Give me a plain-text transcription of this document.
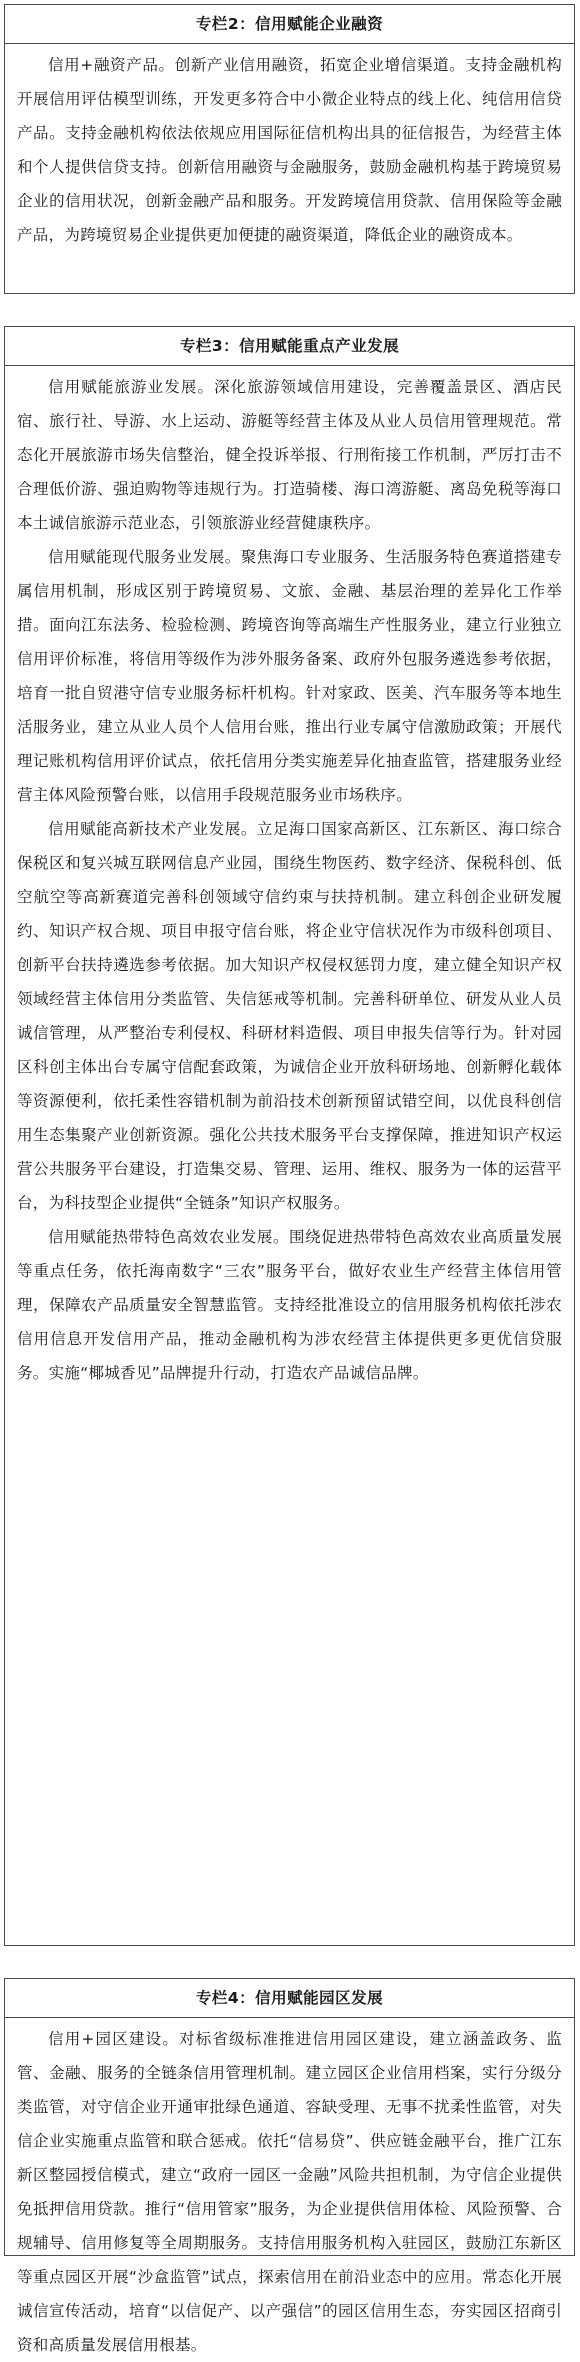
专栏2：信用赋能企业融资

信用+融资产品。创新产业信用融资，拓宽企业增信渠道。支持金融机构开展信用评估模型训练，开发更多符合中小微企业特点的线上化、纯信用信贷产品。支持金融机构依法依规应用国际征信机构出具的征信报告，为经营主体和个人提供信贷支持。创新信用融资与金融服务，鼓励金融机构基于跨境贸易企业的信用状况，创新金融产品和服务。开发跨境信用贷款、信用保险等金融产品，为跨境贸易企业提供更加便捷的融资渠道，降低企业的融资成本。

专栏3：信用赋能重点产业发展

信用赋能旅游业发展。深化旅游领域信用建设，完善覆盖景区、酒店民宿、旅行社、导游、水上运动、游艇等经营主体及从业人员信用管理规范。常态化开展旅游市场失信整治，健全投诉举报、行刑衔接工作机制，严厉打击不合理低价游、强迫购物等违规行为。打造骑楼、海口湾游艇、离岛免税等海口本土诚信旅游示范业态，引领旅游业经营健康秩序。

信用赋能现代服务业发展。聚焦海口专业服务、生活服务特色赛道搭建专属信用机制，形成区别于跨境贸易、文旅、金融、基层治理的差异化工作举措。面向江东法务、检验检测、跨境咨询等高端生产性服务业，建立行业独立信用评价标准，将信用等级作为涉外服务备案、政府外包服务遴选参考依据，培育一批自贸港守信专业服务标杆机构。针对家政、医美、汽车服务等本地生活服务业，建立从业人员个人信用台账，推出行业专属守信激励政策；开展代理记账机构信用评价试点，依托信用分类实施差异化抽查监管，搭建服务业经营主体风险预警台账，以信用手段规范服务业市场秩序。

信用赋能高新技术产业发展。立足海口国家高新区、江东新区、海口综合保税区和复兴城互联网信息产业园，围绕生物医药、数字经济、保税科创、低空航空等高新赛道完善科创领域守信约束与扶持机制。建立科创企业研发履约、知识产权合规、项目申报守信台账，将企业守信状况作为市级科创项目、创新平台扶持遴选参考依据。加大知识产权侵权惩罚力度，建立健全知识产权领域经营主体信用分类监管、失信惩戒等机制。完善科研单位、研发从业人员诚信管理，从严整治专利侵权、科研材料造假、项目申报失信等行为。针对园区科创主体出台专属守信配套政策，为诚信企业开放科研场地、创新孵化载体等资源便利，依托柔性容错机制为前沿技术创新预留试错空间，以优良科创信用生态集聚产业创新资源。强化公共技术服务平台支撑保障，推进知识产权运营公共服务平台建设，打造集交易、管理、运用、维权、服务为一体的运营平台，为科技型企业提供“全链条”知识产权服务。

信用赋能热带特色高效农业发展。围绕促进热带特色高效农业高质量发展等重点任务，依托海南数字“三农”服务平台，做好农业生产经营主体信用管理，保障农产品质量安全智慧监管。支持经批准设立的信用服务机构依托涉农信用信息开发信用产品，推动金融机构为涉农经营主体提供更多更优信贷服务。实施“椰城香见”品牌提升行动，打造农产品诚信品牌。

专栏4：信用赋能园区发展

信用+园区建设。对标省级标准推进信用园区建设，建立涵盖政务、监管、金融、服务的全链条信用管理机制。建立园区企业信用档案，实行分级分类监管，对守信企业开通审批绿色通道、容缺受理、无事不扰柔性监管，对失信企业实施重点监管和联合惩戒。依托“信易贷”、供应链金融平台，推广江东新区整园授信模式，建立“政府一园区一金融”风险共担机制，为守信企业提供免抵押信用贷款。推行“信用管家”服务，为企业提供信用体检、风险预警、合规辅导、信用修复等全周期服务。支持信用服务机构入驻园区，鼓励江东新区等重点园区开展“沙盒监管”试点，探索信用在前沿业态中的应用。常态化开展诚信宣传活动，培育“以信促产、以产强信”的园区信用生态，夯实园区招商引资和高质量发展信用根基。
